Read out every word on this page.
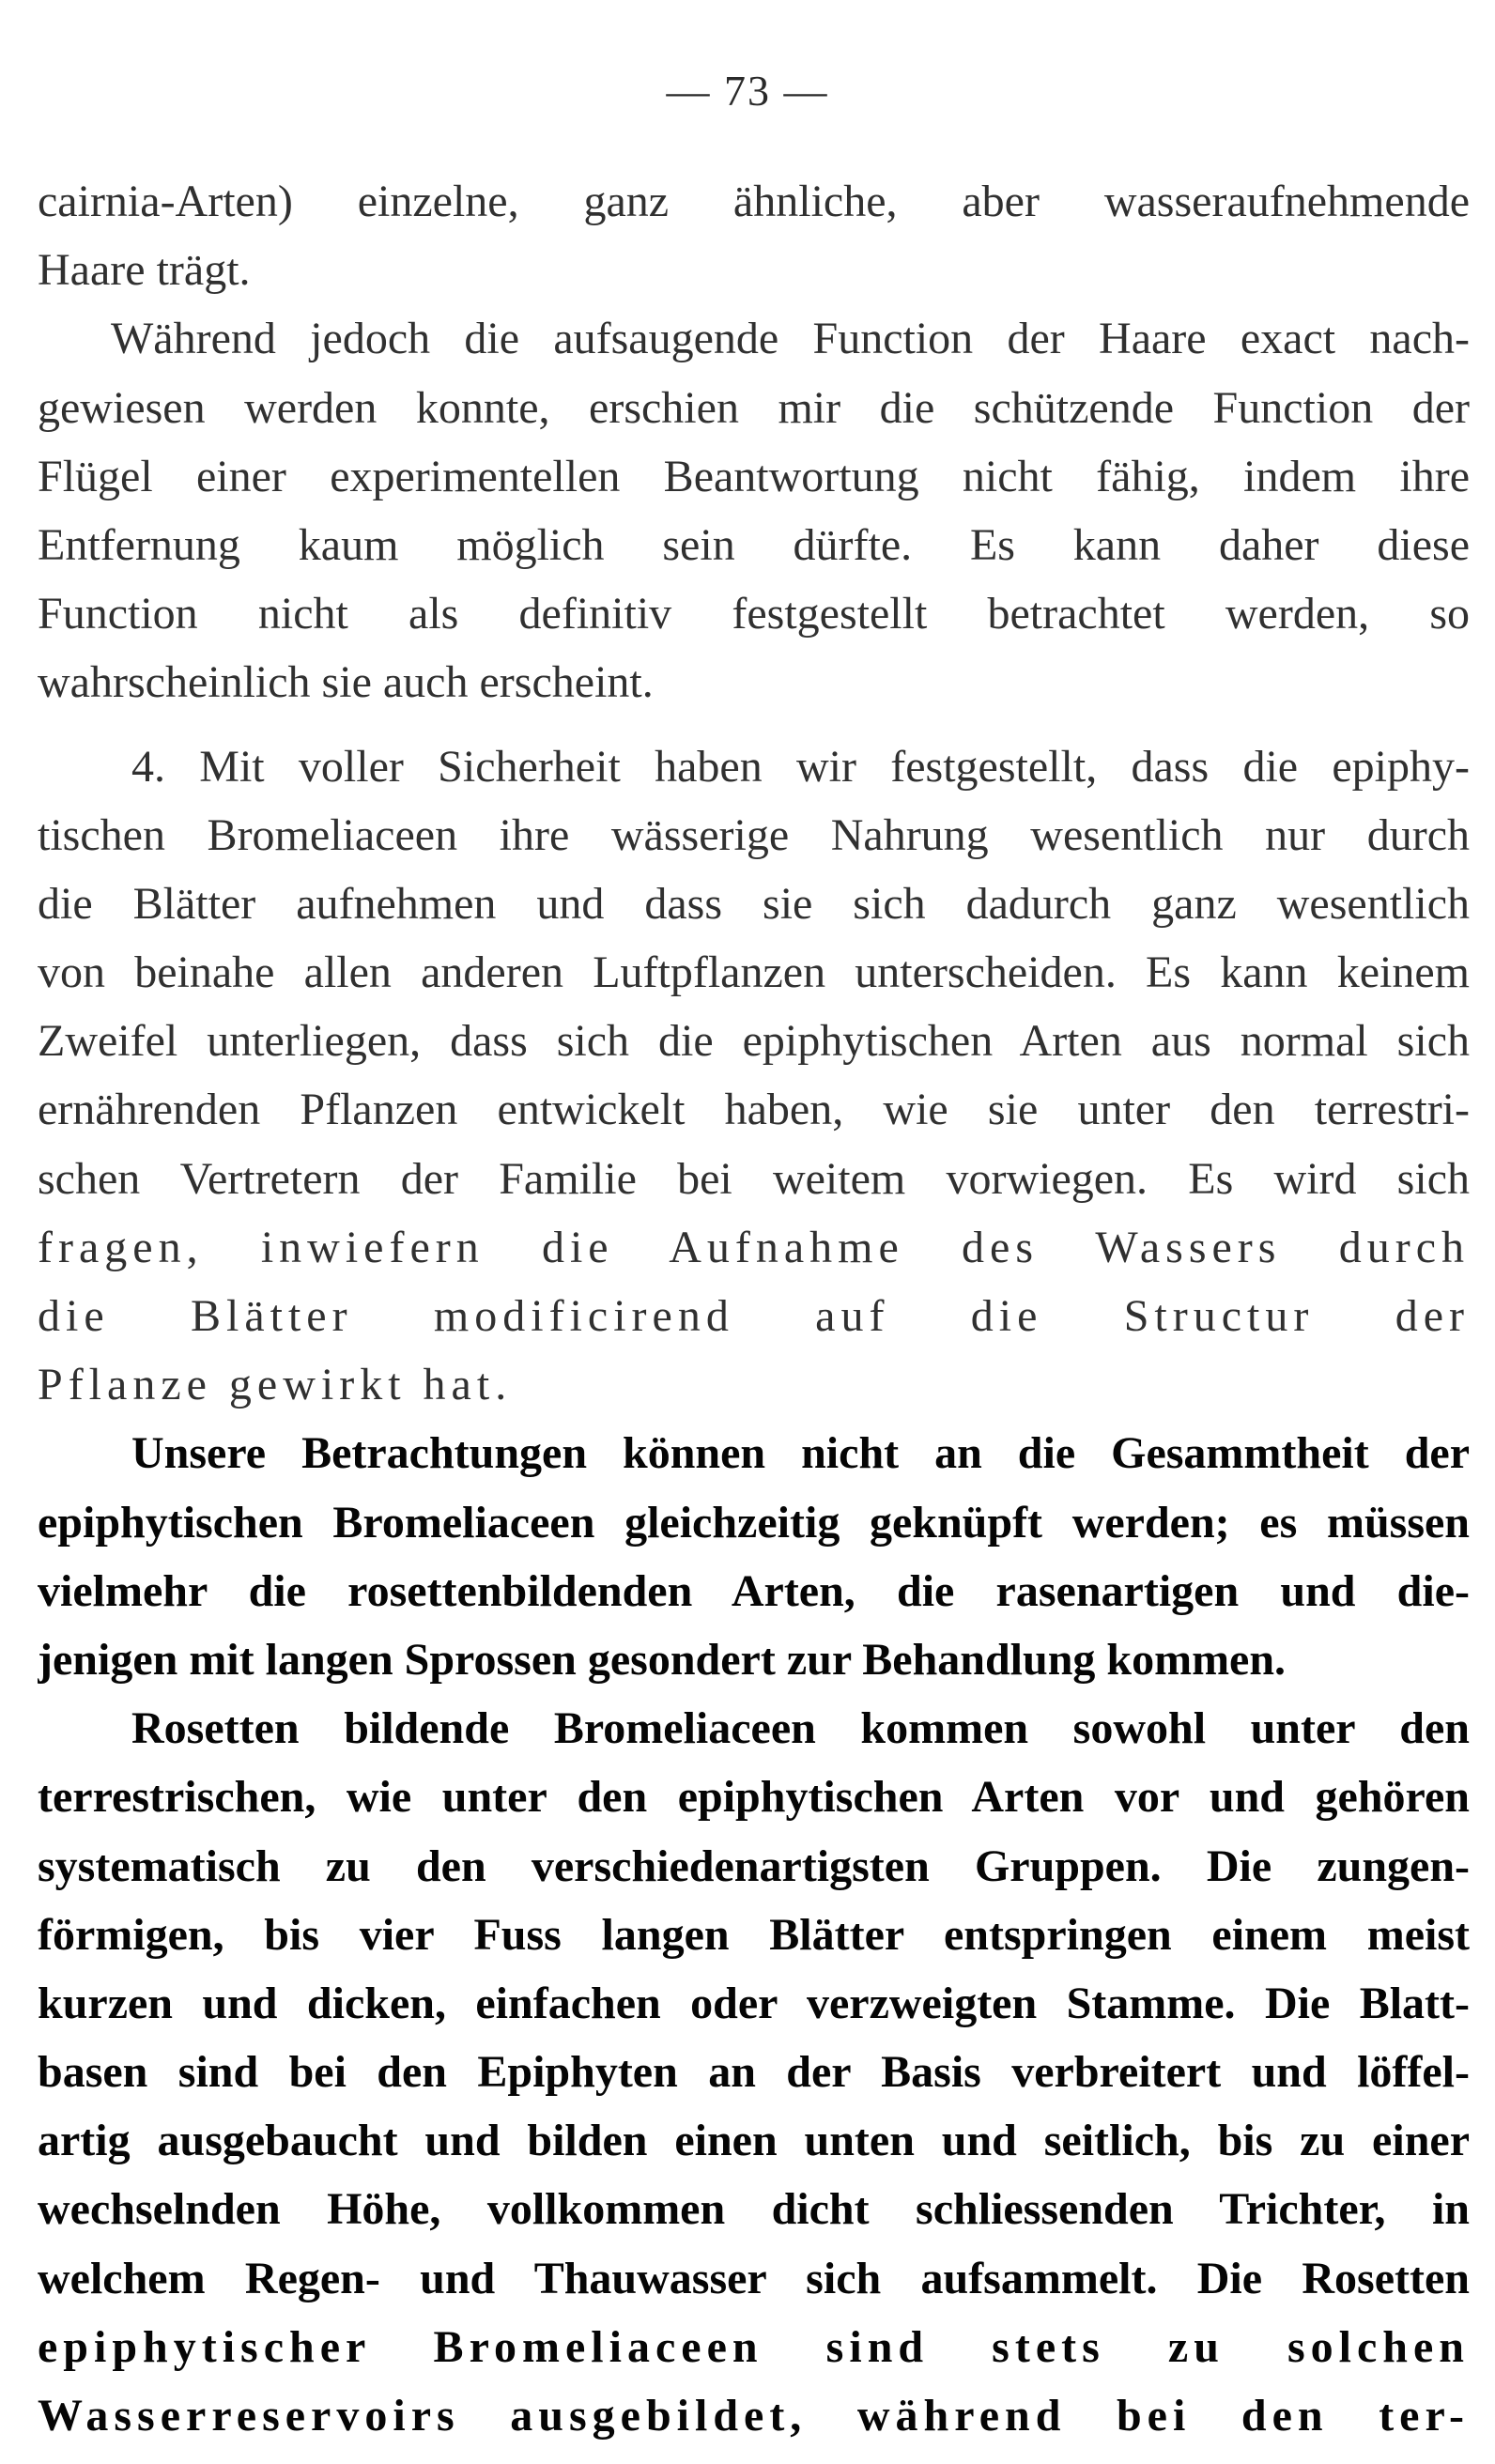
— 73 —
cairnia-Arten) einzelne, ganz ähnliche, aber wasseraufnehmende
Haare trägt.
Während jedoch die aufsaugende Function der Haare exact nach-
gewiesen werden konnte, erschien mir die schützende Function der
Flügel einer experimentellen Beantwortung nicht fähig, indem ihre
Entfernung kaum möglich sein dürfte. Es kann daher diese
Function nicht als definitiv festgestellt betrachtet werden, so
wahrscheinlich sie auch erscheint.
4. Mit voller Sicherheit haben wir festgestellt, dass die epiphy-
tischen Bromeliaceen ihre wässerige Nahrung wesentlich nur durch
die Blätter aufnehmen und dass sie sich dadurch ganz wesentlich
von beinahe allen anderen Luftpflanzen unterscheiden. Es kann keinem
Zweifel unterliegen, dass sich die epiphytischen Arten aus normal sich
ernährenden Pflanzen entwickelt haben, wie sie unter den terrestri-
schen Vertretern der Familie bei weitem vorwiegen. Es wird sich
fragen, inwiefern die Aufnahme des Wassers durch
die Blätter modificirend auf die Structur der
Pflanze gewirkt hat.
Unsere Betrachtungen können nicht an die Gesammtheit der
epiphytischen Bromeliaceen gleichzeitig geknüpft werden; es müssen
vielmehr die rosettenbildenden Arten, die rasenartigen und die-
jenigen mit langen Sprossen gesondert zur Behandlung kommen.
Rosetten bildende Bromeliaceen kommen sowohl unter den
terrestrischen, wie unter den epiphytischen Arten vor und gehören
systematisch zu den verschiedenartigsten Gruppen. Die zungen-
förmigen, bis vier Fuss langen Blätter entspringen einem meist
kurzen und dicken, einfachen oder verzweigten Stamme. Die Blatt-
basen sind bei den Epiphyten an der Basis verbreitert und löffel-
artig ausgebaucht und bilden einen unten und seitlich, bis zu einer
wechselnden Höhe, vollkommen dicht schliessenden Trichter, in
welchem Regen- und Thauwasser sich aufsammelt. Die Rosetten
epiphytischer Bromeliaceen sind stets zu solchen
Wasserreservoirs ausgebildet, während bei den ter-
